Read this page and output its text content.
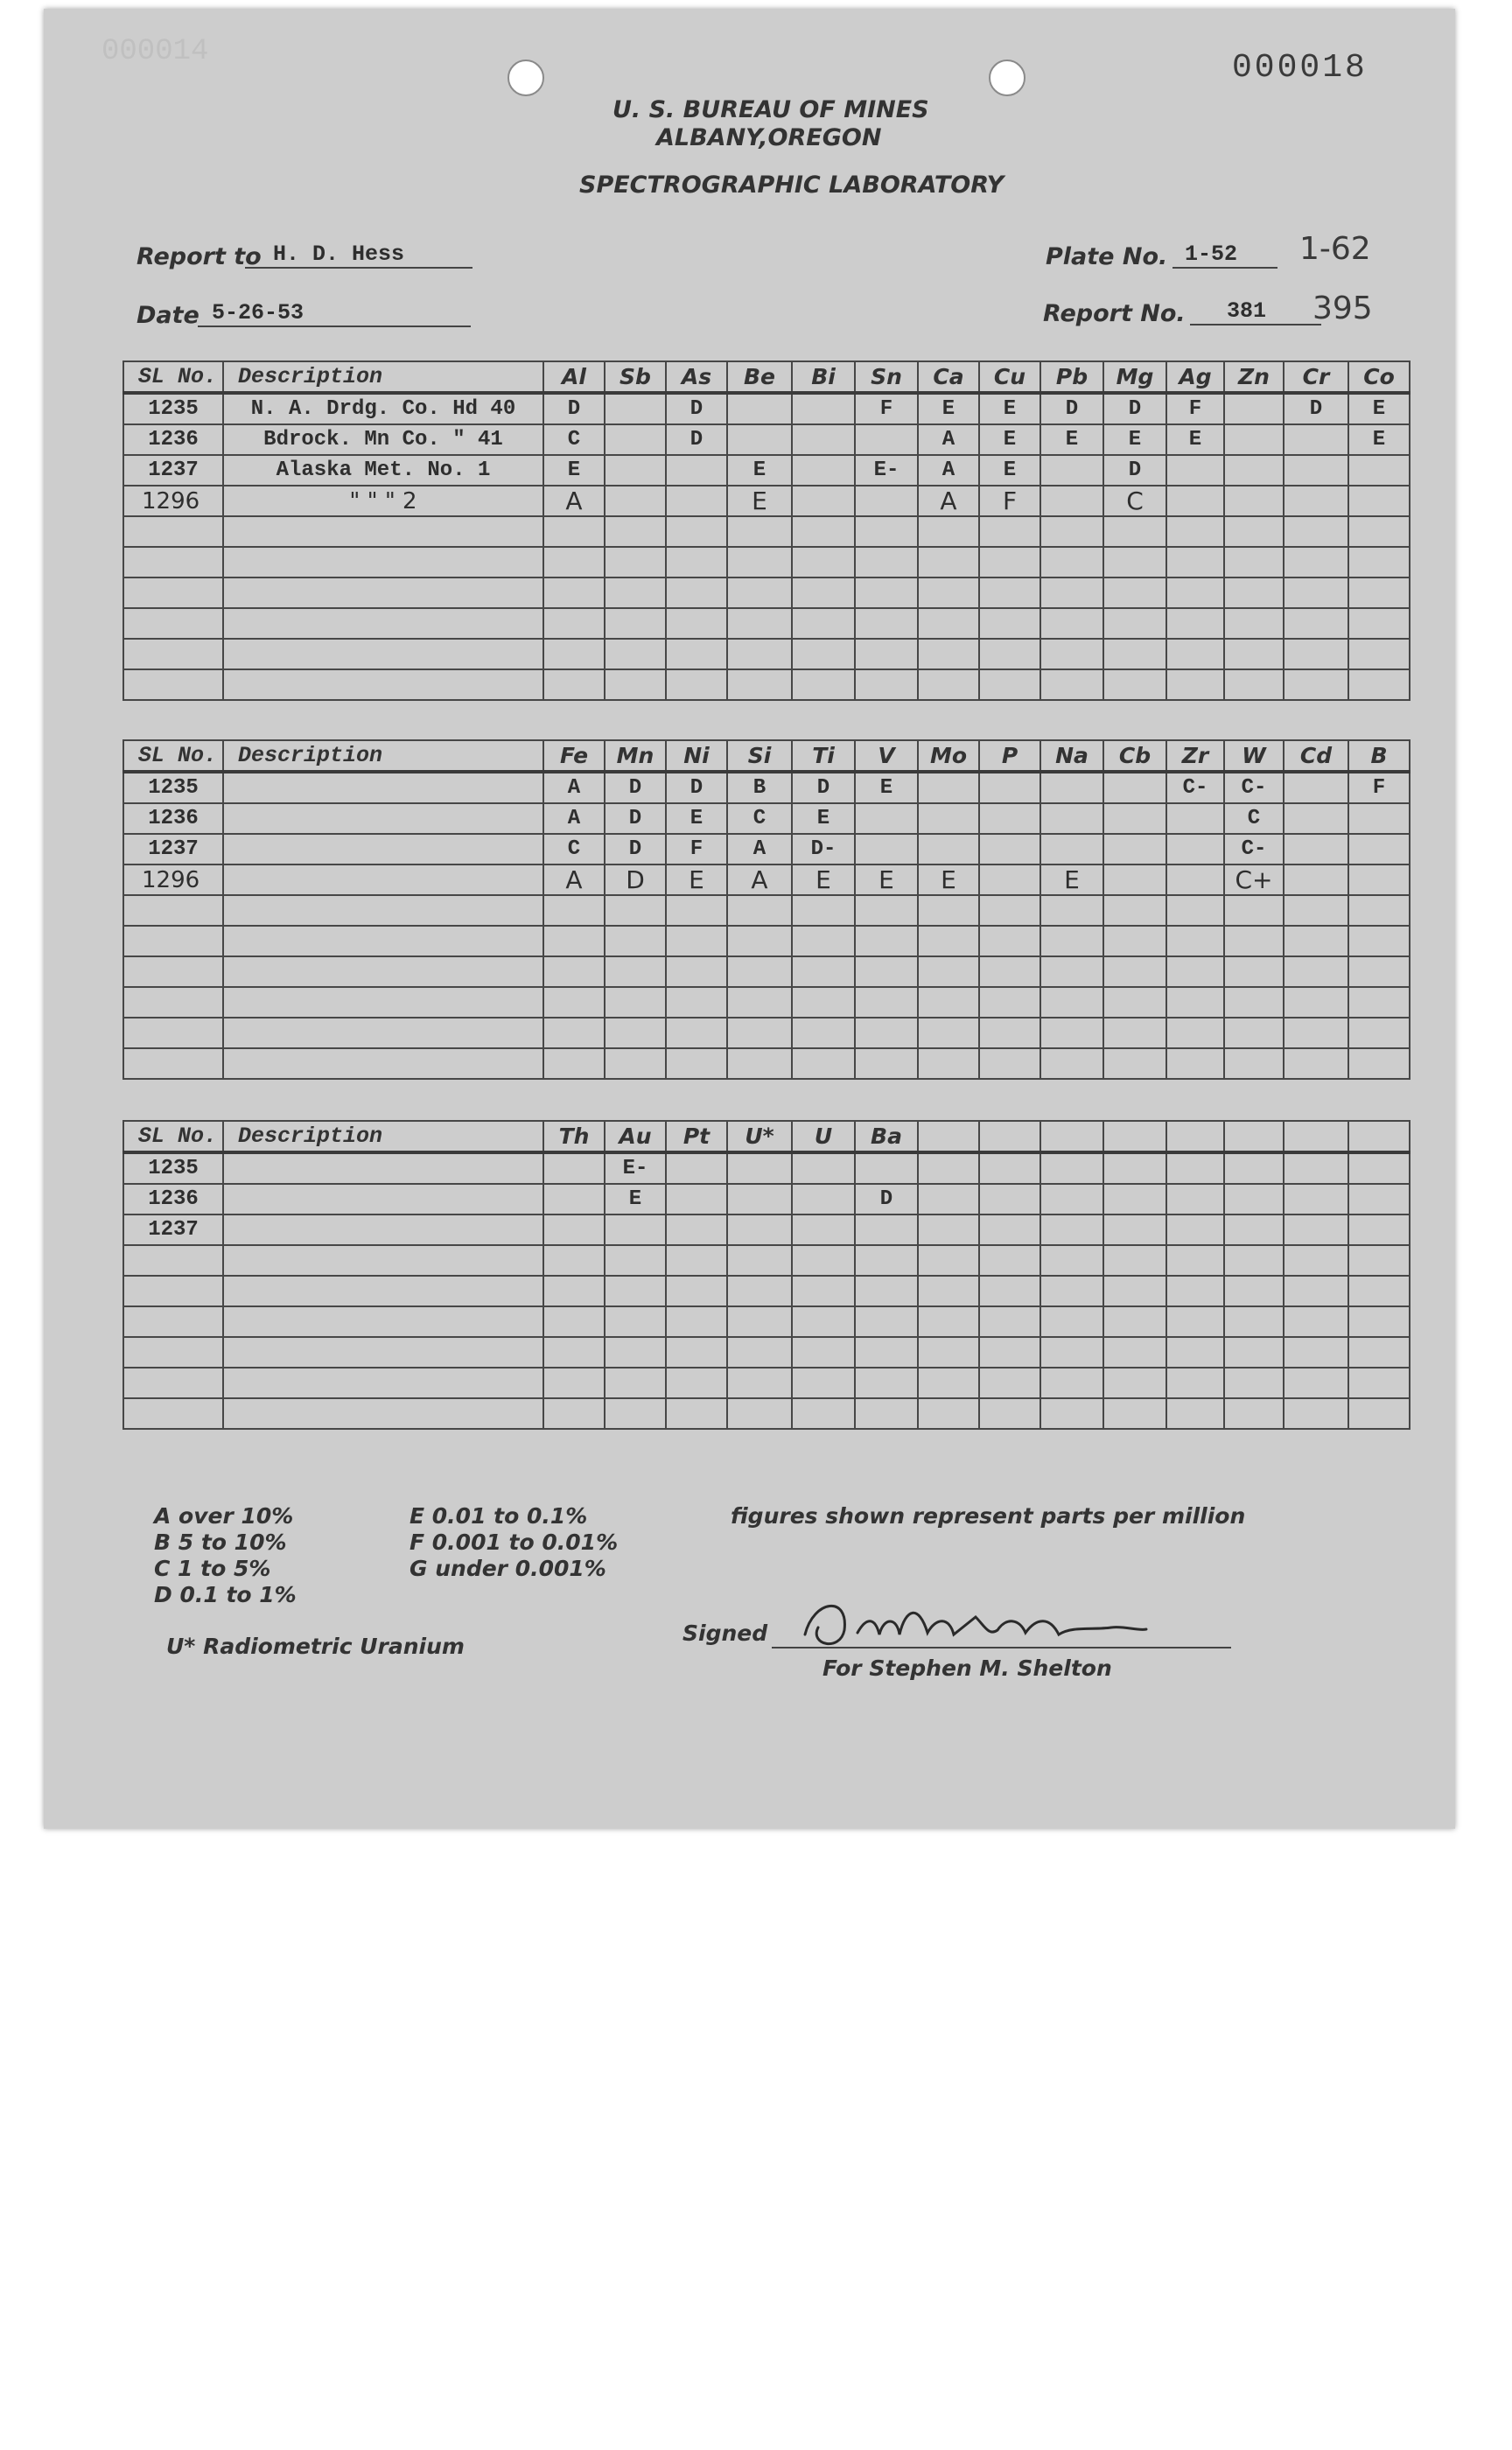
000014	000018
U. S. BUREAU OF MINES
ALBANY,OREGON
SPECTROGRAPHIC LABORATORY
Report to H. D. Hess
Date 5-26-53
Plate No. 1-52	1-62
Report No.	381	395
SL No.	Description	Al	Sb	As	Be	Bi	Sn	Ca	Cu	Pb	Mg	Ag	Zn	Cr	Co
1235	N. A. Drdg. Co. Hd 40	D		D			F	E	E	D	D	F		D	E
1236	Bdrock. Mn Co. " 41	C		D				A	E	E	E	E			E
1237	Alaska Met. No. 1	E			E		E-	A	E		D				
1296	" " " 2	A			E			A	F		C				

SL No.	Description	Fe	Mn	Ni	Si	Ti	V	Mo	P	Na	Cb	Zr	W	Cd	B
1235		A	D	D	B	D	E					C-	C-		F
1236		A	D	E	C	E							C		
1237		C	D	F	A	D-							C-		
1296		A	D	E	A	E	E	E		E			C+		

SL No.	Description	Th	Au	Pt	U*	U	Ba								
1235			E-												
1236			E				D								
1237															

A over 10%
B 5 to 10%
C 1 to 5%
D 0.1 to 1%
E 0.01 to 0.1%
F 0.001 to 0.01%
G under 0.001%
figures shown represent parts per million
U* Radiometric Uranium
Signed
For Stephen M. Shelton
